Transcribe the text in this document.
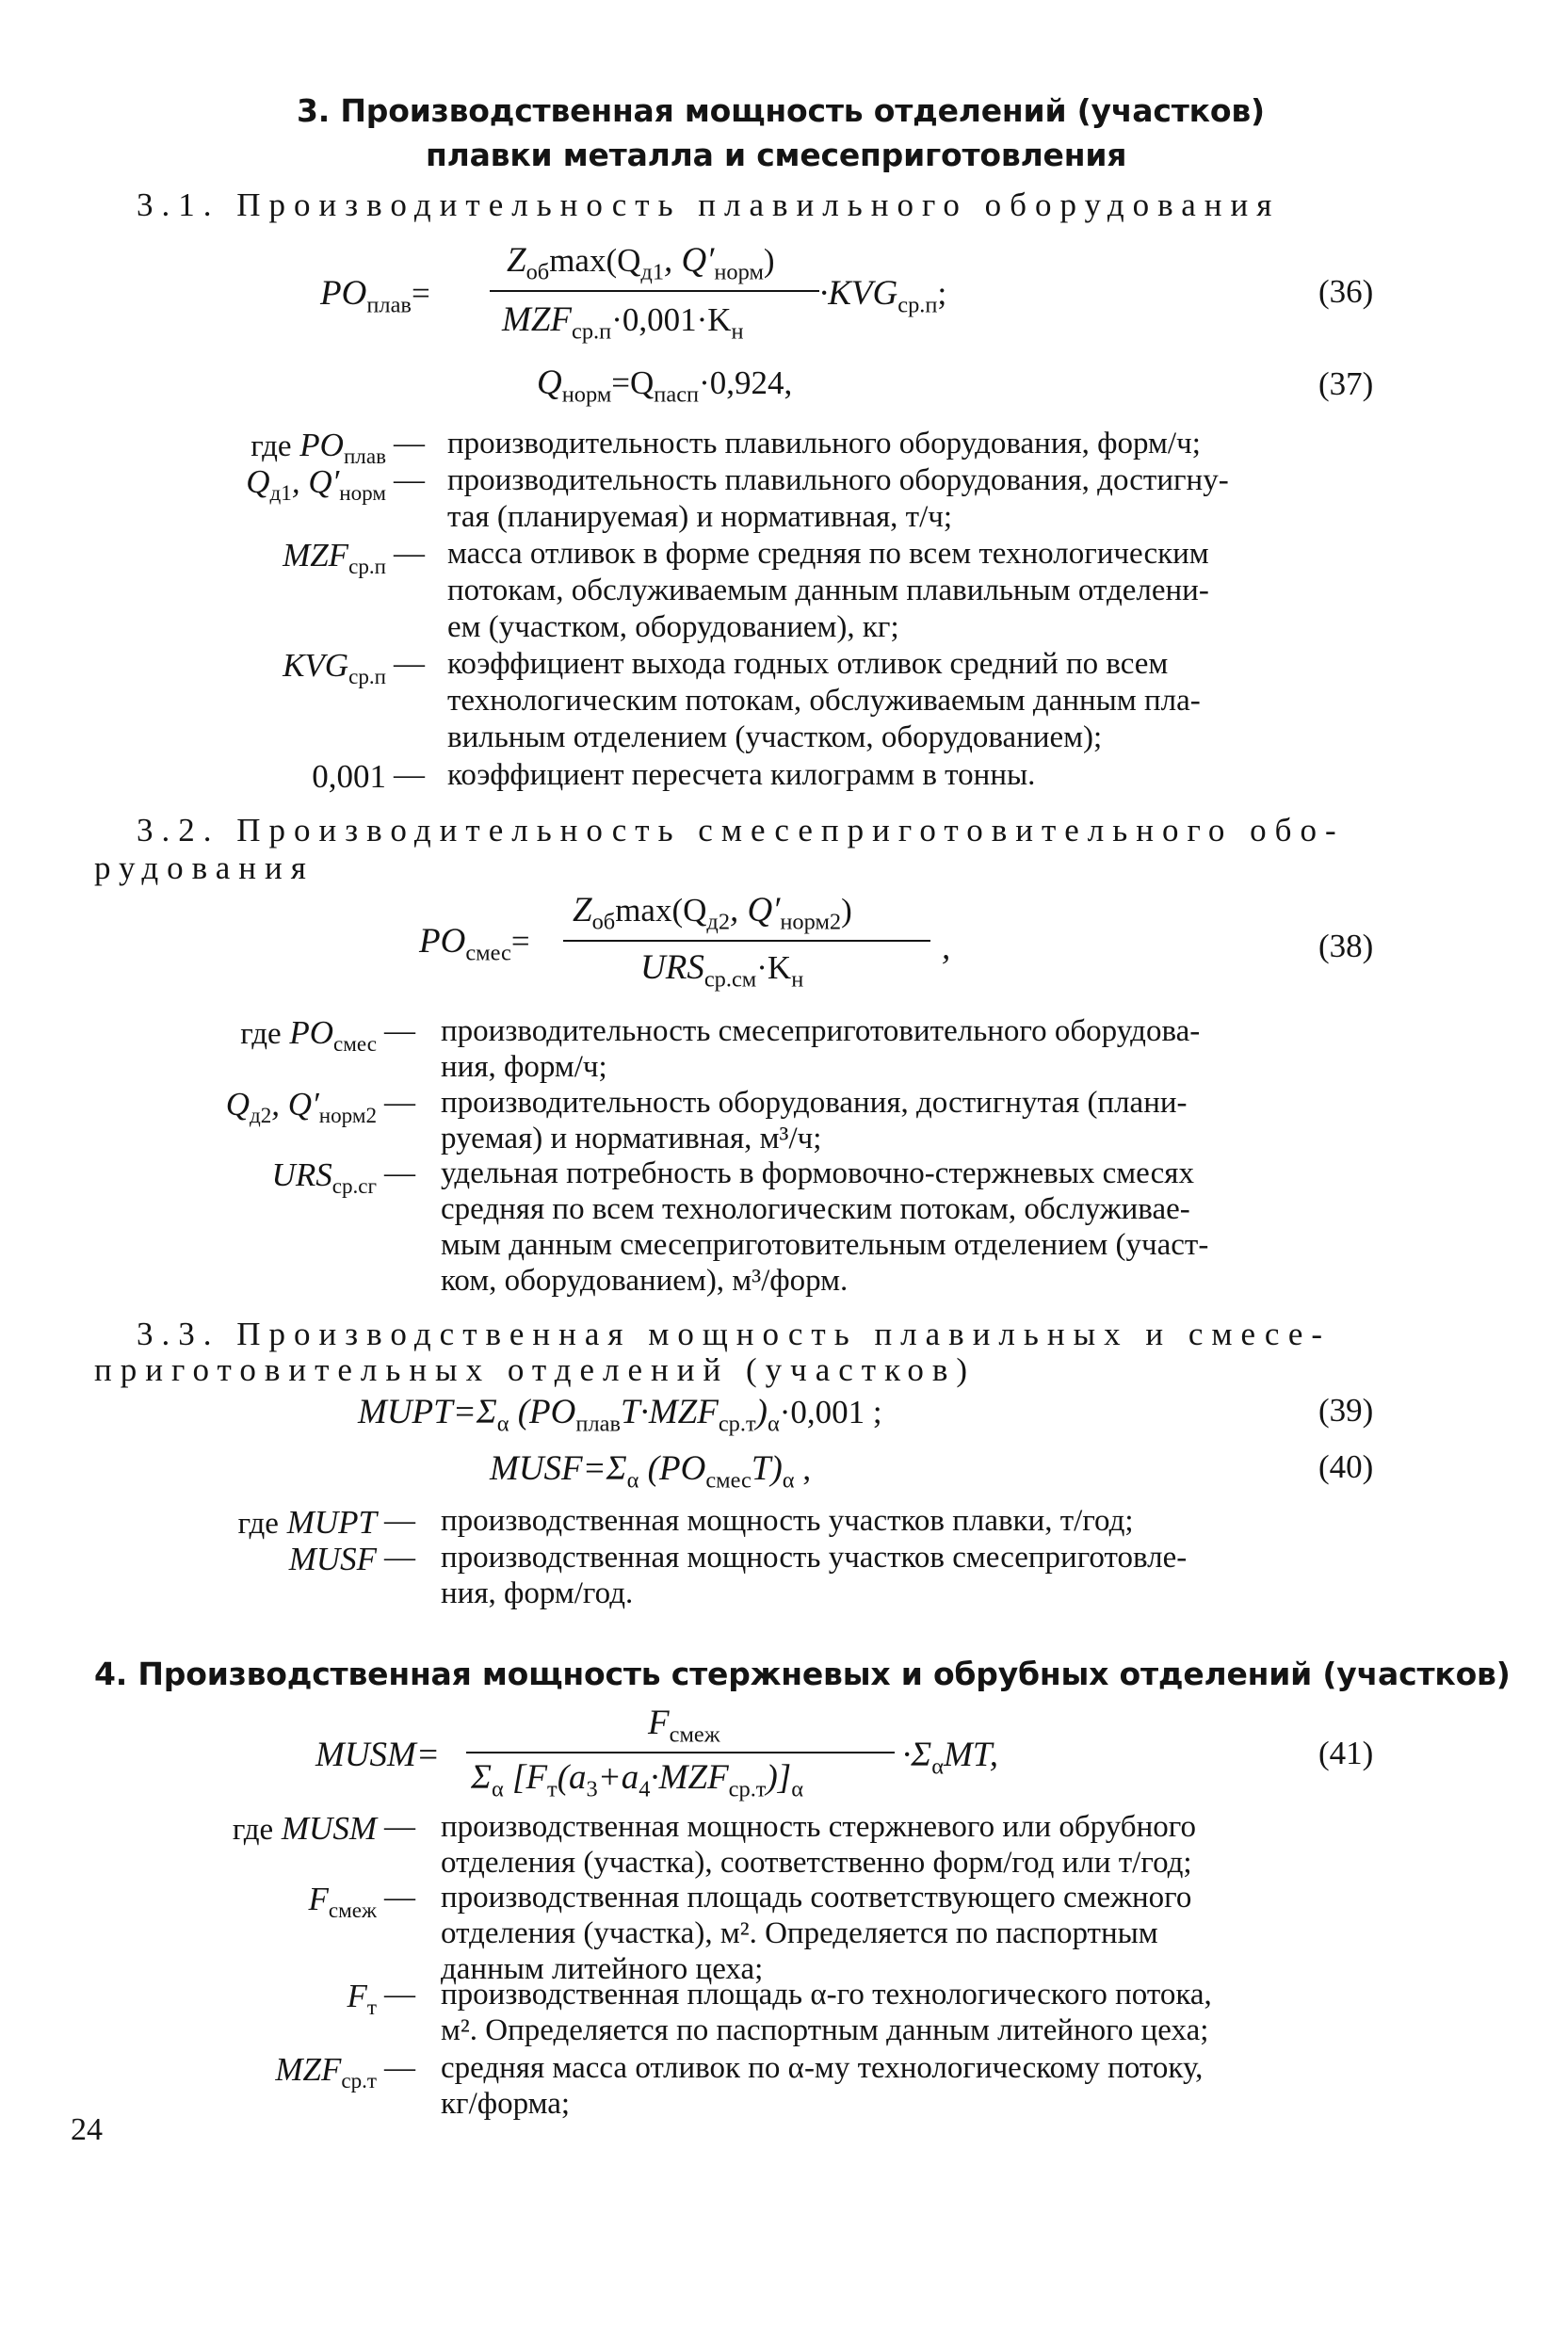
3. Производственная мощность отделений (участков)
плавки металла и смесеприготовления
3.1. Производительность плавильного оборудования
$PO_{плав}=$
$Z_{об}\max(Q_{д1}$, $Q'_{норм}$)
$MZF_{ср.п}\cdot 0,001\cdot K_н$
$\cdot KVG_{ср.п}$;	(36)
$Q_{норм}=Q_{пасп}\cdot 0,924$,	(37)
где $PO_{плав}$ — производительность плавильного оборудования, форм/ч;
$Q_{д1}$, $Q'_{норм}$ — производительность плавильного оборудования, достигну-
тая (планируемая) и нормативная, т/ч;
$MZF_{ср.п}$ — масса отливок в форме средняя по всем технологическим
потокам, обслуживаемым данным плавильным отделени-
ем (участком, оборудованием), кг;
$KVG_{ср.п}$ — коэффициент выхода годных отливок средний по всем
технологическим потокам, обслуживаемым данным пла-
вильным отделением (участком, оборудованием);
0,001 — коэффициент пересчета килограмм в тонны.
3.2. Производительность смесеприготовительного обо-
рудования
$PO_{смес}=$
$Z_{об}\max(Q_{д2}$, $Q'_{норм2}$)
$URS_{ср.см}\cdot K_н$
,	(38)
где $PO_{смес}$ — производительность смесеприготовительного оборудова-
ния, форм/ч;
$Q_{д2}$, $Q'_{норм2}$ — производительность оборудования, достигнутая (плани-
руемая) и нормативная, м³/ч;
$URS_{ср.сг}$ — удельная потребность в формовочно-стержневых смесях
средняя по всем технологическим потокам, обслуживае-
мым данным смесеприготовительным отделением (участ-
ком, оборудованием), м³/форм.
3.3. Производственная мощность плавильных и смесе-
приготовительных отделений (участков)
$MUPT=\Sigma_\alpha$ $(PO_{плав}T\cdot MZF_{ср.т})_\alpha\cdot 0,001$ ;	(39)
$MUSF=\Sigma_\alpha$ $(PO_{смес}T)_\alpha$ ,	(40)
где MUPT — производственная мощность участков плавки, т/год;
MUSF — производственная мощность участков смесеприготовле-
ния, форм/год.
4. Производственная мощность стержневых и обрубных отделений (участков)
MUSM=
$F_{смеж}$
$\Sigma_\alpha$ $[F_т(a_3+a_4\cdot MZF_{ср.т})]_\alpha$
$\cdot\Sigma_\alpha MT$,	(41)
где MUSM — производственная мощность стержневого или обрубного
отделения (участка), соответственно форм/год или т/год;
$F_{смеж}$ — производственная площадь соответствующего смежного
отделения (участка), м². Определяется по паспортным
данным литейного цеха;
$F_т$ — производственная площадь α-го технологического потока,
м². Определяется по паспортным данным литейного цеха;
$MZF_{ср.т}$ — средняя масса отливок по α-му технологическому потоку,
кг/форма;
24
